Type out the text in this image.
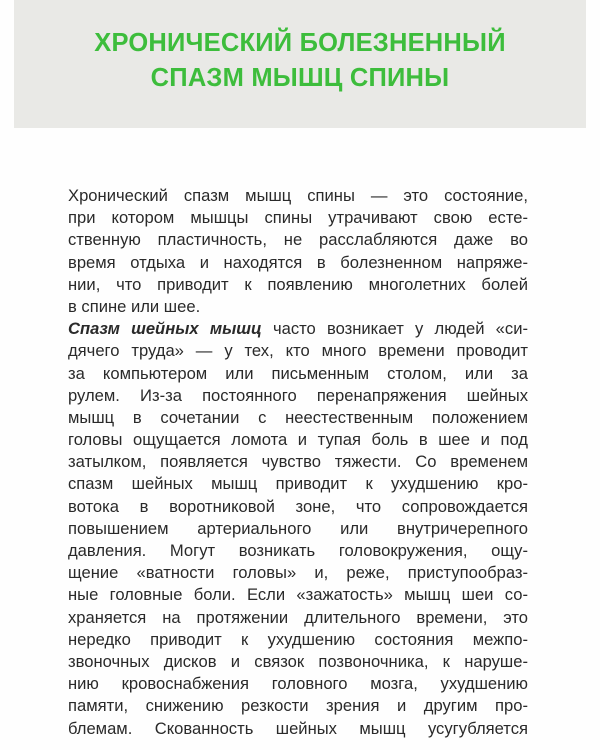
ХРОНИЧЕСКИЙ БОЛЕЗНЕННЫЙ
СПАЗМ МЫШЦ СПИНЫ
Хронический спазм мышц спины — это состояние,
при котором мышцы спины утрачивают свою есте-
ственную пластичность, не расслабляются даже во
время отдыха и находятся в болезненном напряже-
нии, что приводит к появлению многолетних болей
в спине или шее.
Спазм шейных мышц часто возникает у людей «си-
дячего труда» — у тех, кто много времени проводит
за компьютером или письменным столом, или за
рулем. Из-за постоянного перенапряжения шейных
мышц в сочетании с неестественным положением
головы ощущается ломота и тупая боль в шее и под
затылком, появляется чувство тяжести. Со временем
спазм шейных мышц приводит к ухудшению кро-
вотока в воротниковой зоне, что сопровождается
повышением артериального или внутричерепного
давления. Могут возникать головокружения, ощу-
щение «ватности головы» и, реже, приступообраз-
ные головные боли. Если «зажатость» мышц шеи со-
храняется на протяжении длительного времени, это
нередко приводит к ухудшению состояния межпо-
звоночных дисков и связок позвоночника, к наруше-
нию кровоснабжения головного мозга, ухудшению
памяти, снижению резкости зрения и другим про-
блемам. Скованность шейных мышц усугубляется
